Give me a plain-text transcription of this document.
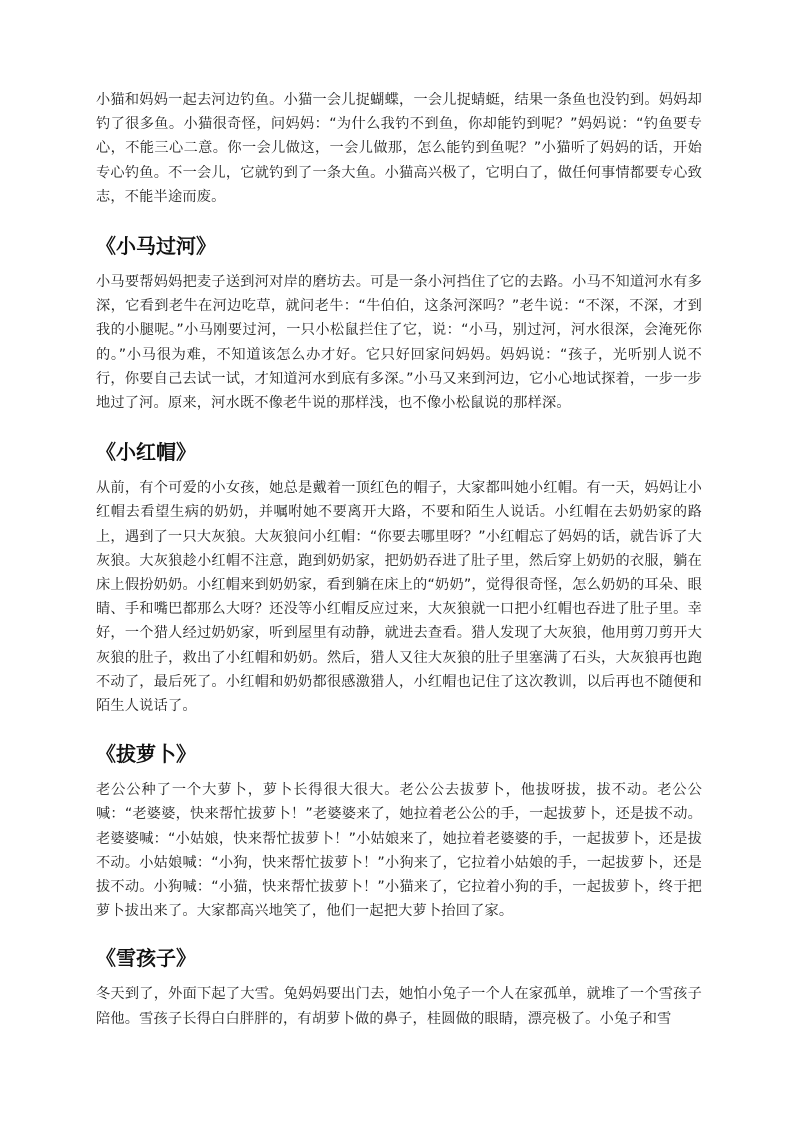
小猫和妈妈一起去河边钓鱼。小猫一会儿捉蝴蝶，一会儿捉蜻蜓，结果一条鱼也没钓到。妈妈却钓了很多鱼。小猫很奇怪，问妈妈：“为什么我钓不到鱼，你却能钓到呢？”妈妈说：“钓鱼要专心，不能三心二意。你一会儿做这，一会儿做那，怎么能钓到鱼呢？”小猫听了妈妈的话，开始专心钓鱼。不一会儿，它就钓到了一条大鱼。小猫高兴极了，它明白了，做任何事情都要专心致志，不能半途而废。

《小马过河》

小马要帮妈妈把麦子送到河对岸的磨坊去。可是一条小河挡住了它的去路。小马不知道河水有多深，它看到老牛在河边吃草，就问老牛：“牛伯伯，这条河深吗？”老牛说：“不深，不深，才到我的小腿呢。”小马刚要过河，一只小松鼠拦住了它，说：“小马，别过河，河水很深，会淹死你的。”小马很为难，不知道该怎么办才好。它只好回家问妈妈。妈妈说：“孩子，光听别人说不行，你要自己去试一试，才知道河水到底有多深。”小马又来到河边，它小心地试探着，一步一步地过了河。原来，河水既不像老牛说的那样浅，也不像小松鼠说的那样深。

《小红帽》

从前，有个可爱的小女孩，她总是戴着一顶红色的帽子，大家都叫她小红帽。有一天，妈妈让小红帽去看望生病的奶奶，并嘱咐她不要离开大路，不要和陌生人说话。小红帽在去奶奶家的路上，遇到了一只大灰狼。大灰狼问小红帽：“你要去哪里呀？”小红帽忘了妈妈的话，就告诉了大灰狼。大灰狼趁小红帽不注意，跑到奶奶家，把奶奶吞进了肚子里，然后穿上奶奶的衣服，躺在床上假扮奶奶。小红帽来到奶奶家，看到躺在床上的“奶奶”，觉得很奇怪，怎么奶奶的耳朵、眼睛、手和嘴巴都那么大呀？还没等小红帽反应过来，大灰狼就一口把小红帽也吞进了肚子里。幸好，一个猎人经过奶奶家，听到屋里有动静，就进去查看。猎人发现了大灰狼，他用剪刀剪开大灰狼的肚子，救出了小红帽和奶奶。然后，猎人又往大灰狼的肚子里塞满了石头，大灰狼再也跑不动了，最后死了。小红帽和奶奶都很感激猎人，小红帽也记住了这次教训，以后再也不随便和陌生人说话了。

《拔萝卜》

老公公种了一个大萝卜，萝卜长得很大很大。老公公去拔萝卜，他拔呀拔，拔不动。老公公喊：“老婆婆，快来帮忙拔萝卜！”老婆婆来了，她拉着老公公的手，一起拔萝卜，还是拔不动。老婆婆喊：“小姑娘，快来帮忙拔萝卜！”小姑娘来了，她拉着老婆婆的手，一起拔萝卜，还是拔不动。小姑娘喊：“小狗，快来帮忙拔萝卜！”小狗来了，它拉着小姑娘的手，一起拔萝卜，还是拔不动。小狗喊：“小猫，快来帮忙拔萝卜！”小猫来了，它拉着小狗的手，一起拔萝卜，终于把萝卜拔出来了。大家都高兴地笑了，他们一起把大萝卜抬回了家。

《雪孩子》

冬天到了，外面下起了大雪。兔妈妈要出门去，她怕小兔子一个人在家孤单，就堆了一个雪孩子陪他。雪孩子长得白白胖胖的，有胡萝卜做的鼻子，桂圆做的眼睛，漂亮极了。小兔子和雪
